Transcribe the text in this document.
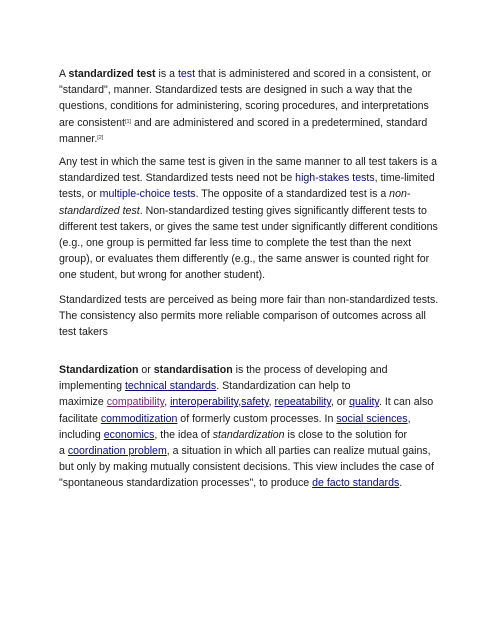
A standardized test is a test that is administered and scored in a consistent, or
"standard", manner. Standardized tests are designed in such a way that the
questions, conditions for administering, scoring procedures, and interpretations
are consistent[1] and are administered and scored in a predetermined, standard
manner.[2]
Any test in which the same test is given in the same manner to all test takers is a
standardized test. Standardized tests need not be high-stakes tests, time-limited
tests, or multiple-choice tests. The opposite of a standardized test is a non-
standardized test. Non-standardized testing gives significantly different tests to
different test takers, or gives the same test under significantly different conditions
(e.g., one group is permitted far less time to complete the test than the next
group), or evaluates them differently (e.g., the same answer is counted right for
one student, but wrong for another student).
Standardized tests are perceived as being more fair than non-standardized tests.
The consistency also permits more reliable comparison of outcomes across all
test takers
Standardization or standardisation is the process of developing and
implementing technical standards. Standardization can help to
maximize compatibility, interoperability,safety, repeatability, or quality. It can also
facilitate commoditization of formerly custom processes. In social sciences,
including economics, the idea of standardization is close to the solution for
a coordination problem, a situation in which all parties can realize mutual gains,
but only by making mutually consistent decisions. This view includes the case of
"spontaneous standardization processes", to produce de facto standards.
